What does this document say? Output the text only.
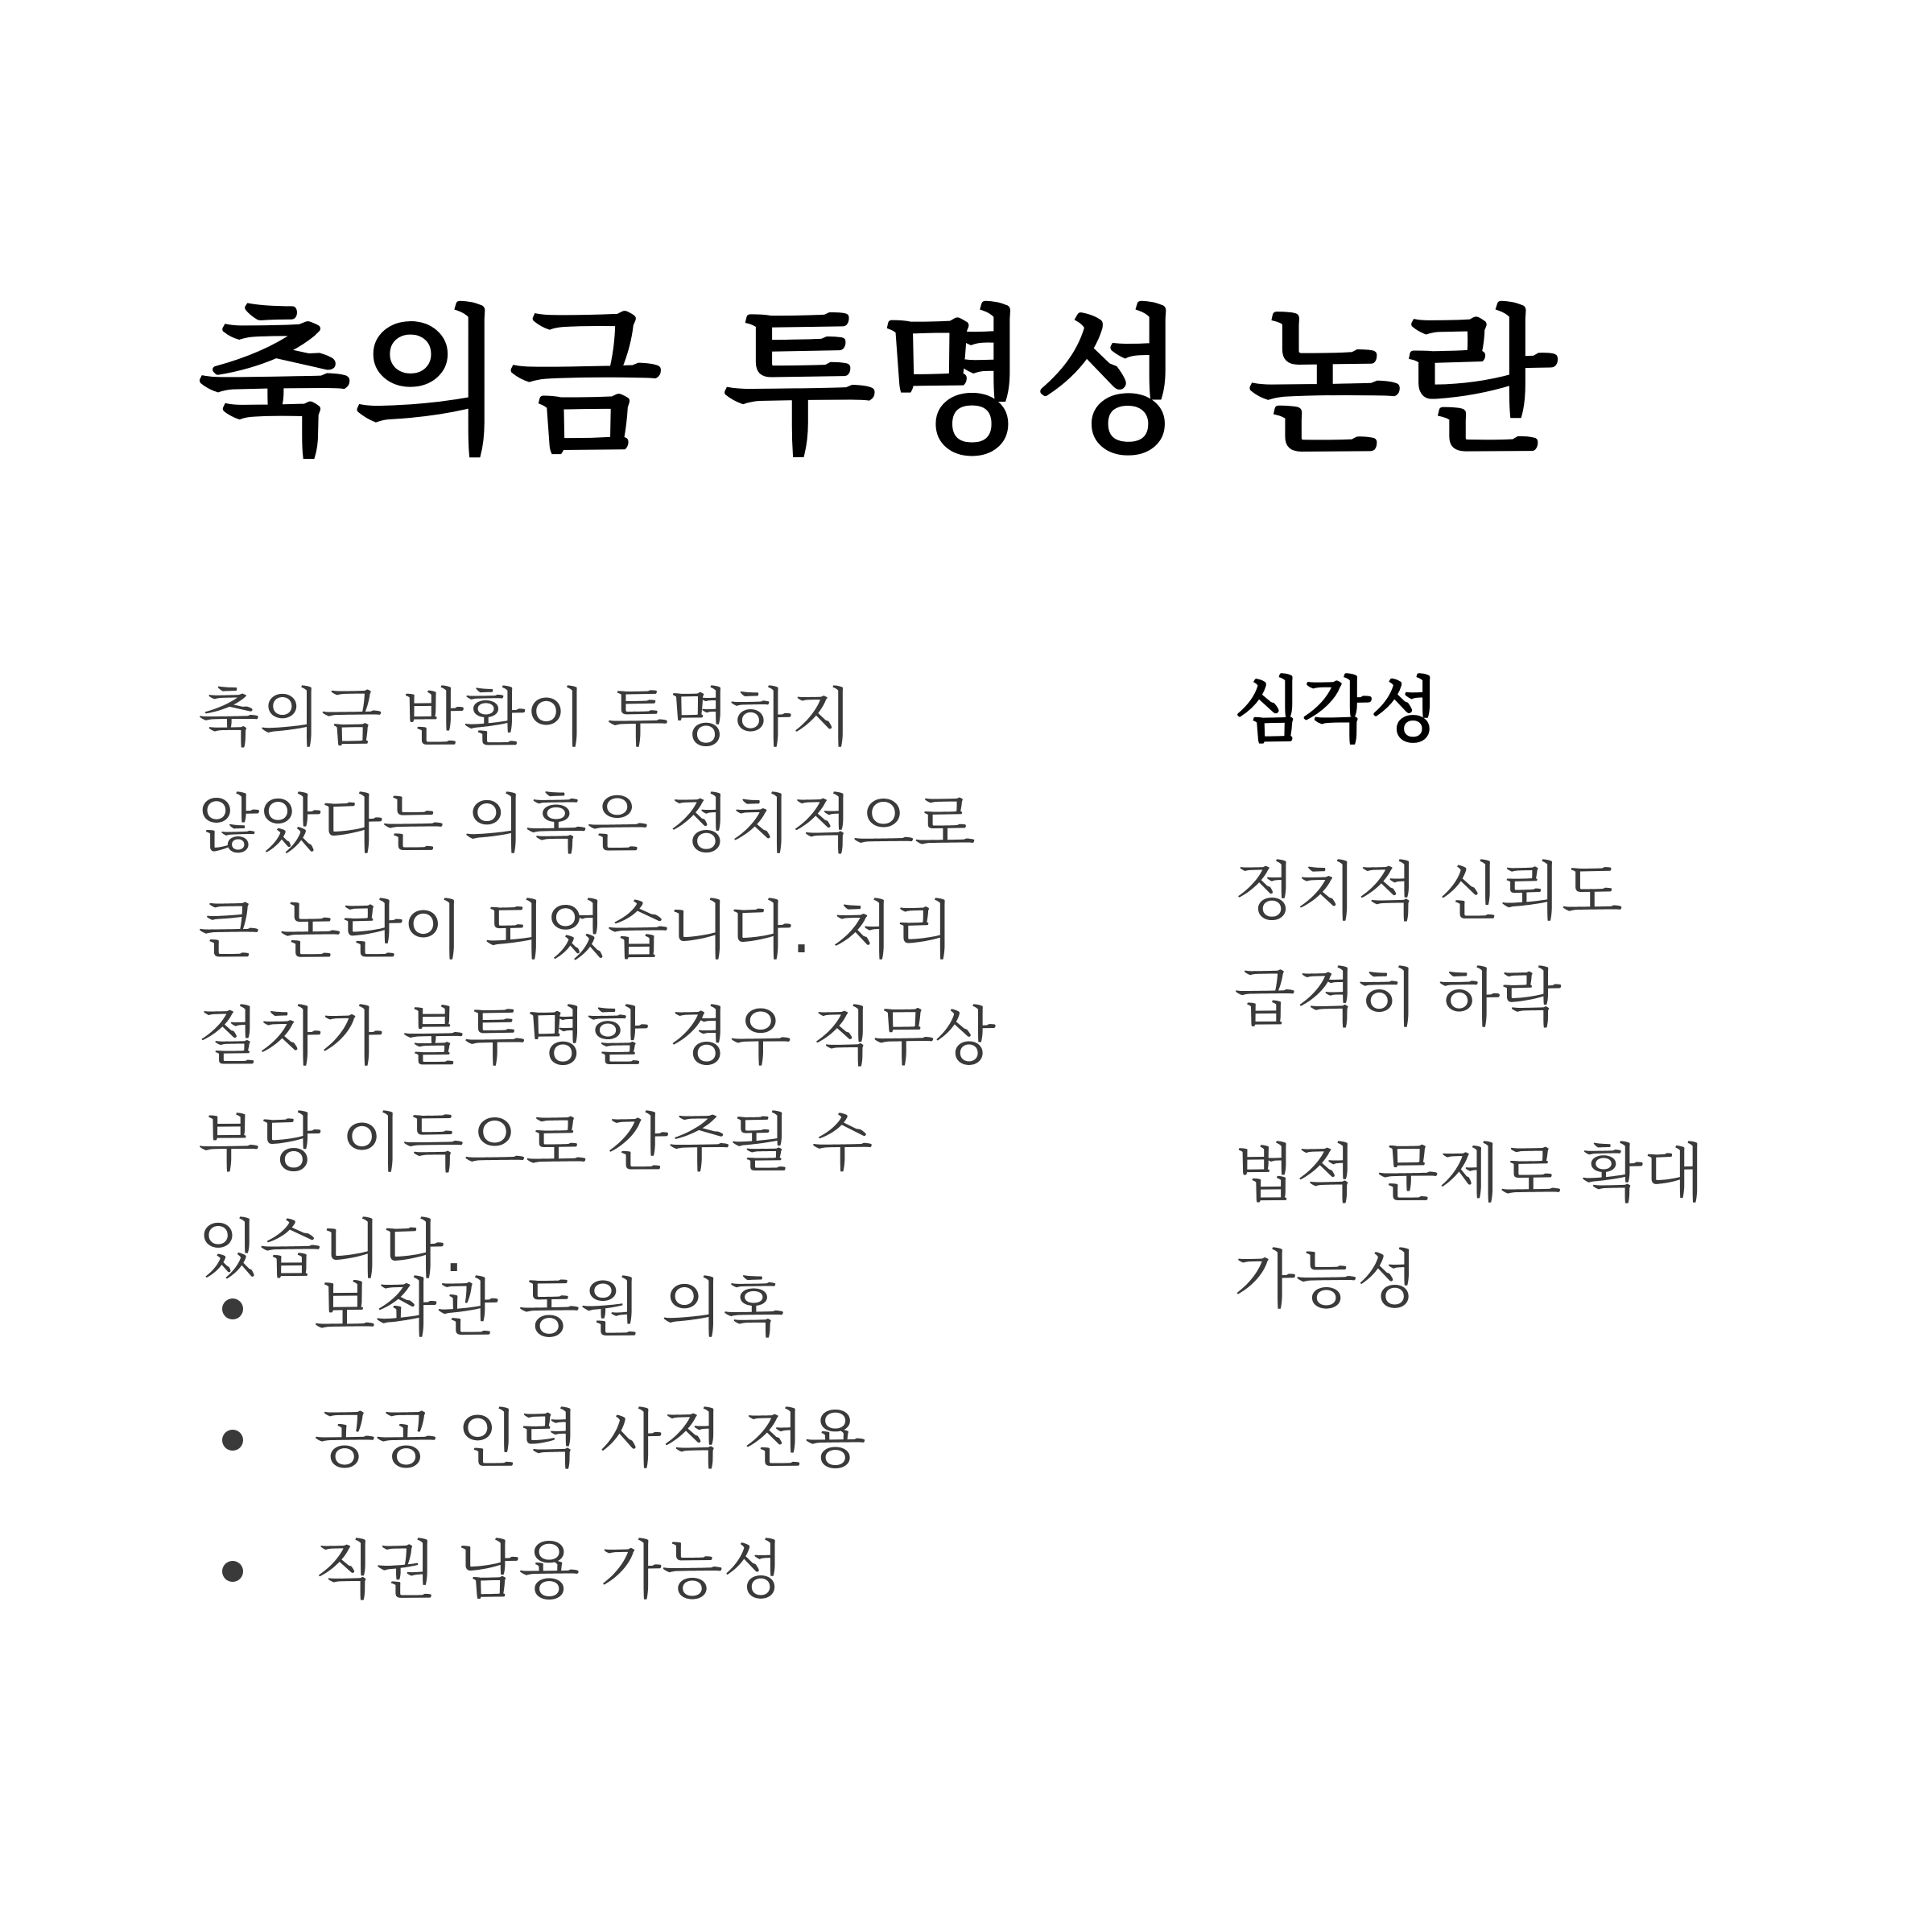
축의금 투명성 논란

축의금 반환이 투명하지 않았다는 의혹은 정치적으로 큰 논란이 되었습니다. 처리 절차가 불투명할 경우 직무상 부당 이득으로 간주될 수 있습니다.

보좌관 동원 의혹
공공 인력 사적 전용
직권 남용 가능성
심각성

정치적 신뢰도 급격히 하락

법적 문제로 확대 가능성
